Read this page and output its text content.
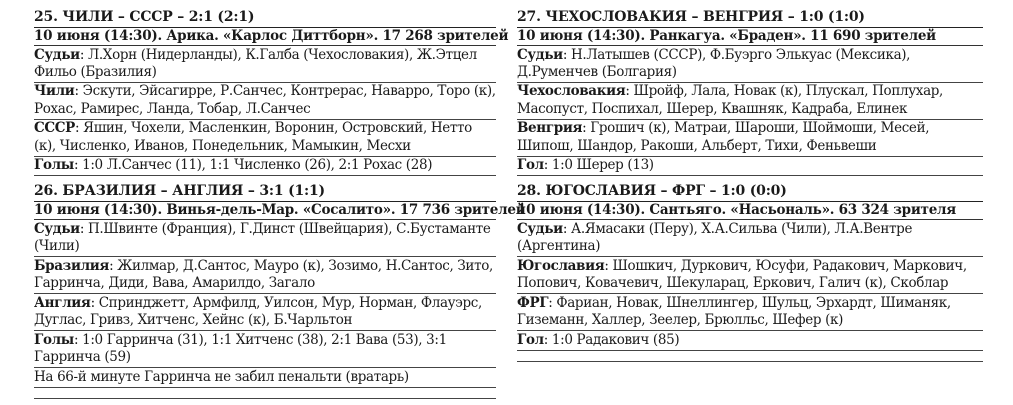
25. ЧИЛИ – СССР – 2:1 (2:1)
10 июня (14:30). Арика. «Карлос Диттборн». 17 268 зрителей
Судьи: Л.Хорн (Нидерланды), К.Галба (Чехословакия), Ж.Этцел Фильо (Бразилия)
Чили: Эскути, Эйсагирре, Р.Санчес, Контрерас, Наварро, Торо (к), Рохас, Рамирес, Ланда, Тобар, Л.Санчес
СССР: Яшин, Чохели, Масленкин, Воронин, Островский, Нетто (к), Численко, Иванов, Понедельник, Мамыкин, Месхи
Голы: 1:0 Л.Санчес (11), 1:1 Численко (26), 2:1 Рохас (28)
26. БРАЗИЛИЯ – АНГЛИЯ – 3:1 (1:1)
10 июня (14:30). Винья-дель-Мар. «Сосалито». 17 736 зрителей
Судьи: П.Швинте (Франция), Г.Динст (Швейцария), С.Бустаманте (Чили)
Бразилия: Жилмар, Д.Сантос, Мауро (к), Зозимо, Н.Сантос, Зито, Гарринча, Диди, Вава, Амарилдо, Загало
Англия: Спринджетт, Армфилд, Уилсон, Мур, Норман, Флауэрс, Дуглас, Гривз, Хитченс, Хейнс (к), Б.Чарльтон
Голы: 1:0 Гарринча (31), 1:1 Хитченс (38), 2:1 Вава (53), 3:1 Гарринча (59)
На 66-й минуте Гарринча не забил пенальти (вратарь)
27. ЧЕХОСЛОВАКИЯ – ВЕНГРИЯ – 1:0 (1:0)
10 июня (14:30). Ранкагуа. «Браден». 11 690 зрителей
Судьи: Н.Латышев (СССР), Ф.Буэрго Элькуас (Мексика), Д.Руменчев (Болгария)
Чехословакия: Шройф, Лала, Новак (к), Плускал, Поплухар, Масопуст, Поспихал, Шерер, Квашняк, Кадраба, Елинек
Венгрия: Грошич (к), Матраи, Шароши, Шоймоши, Месей, Шипош, Шандор, Ракоши, Альберт, Тихи, Феньвеши
Гол: 1:0 Шерер (13)
28. ЮГОСЛАВИЯ – ФРГ – 1:0 (0:0)
10 июня (14:30). Сантьяго. «Насьональ». 63 324 зрителя
Судьи: А.Ямасаки (Перу), Х.А.Сильва (Чили), Л.А.Вентре (Аргентина)
Югославия: Шошкич, Дуркович, Юсуфи, Радакович, Маркович, Попович, Ковачевич, Шекуларац, Еркович, Галич (к), Скоблар
ФРГ: Фариан, Новак, Шнеллингер, Шульц, Эрхардт, Шиманяк, Гиземанн, Халлер, Зеелер, Брюлльс, Шефер (к)
Гол: 1:0 Радакович (85)
